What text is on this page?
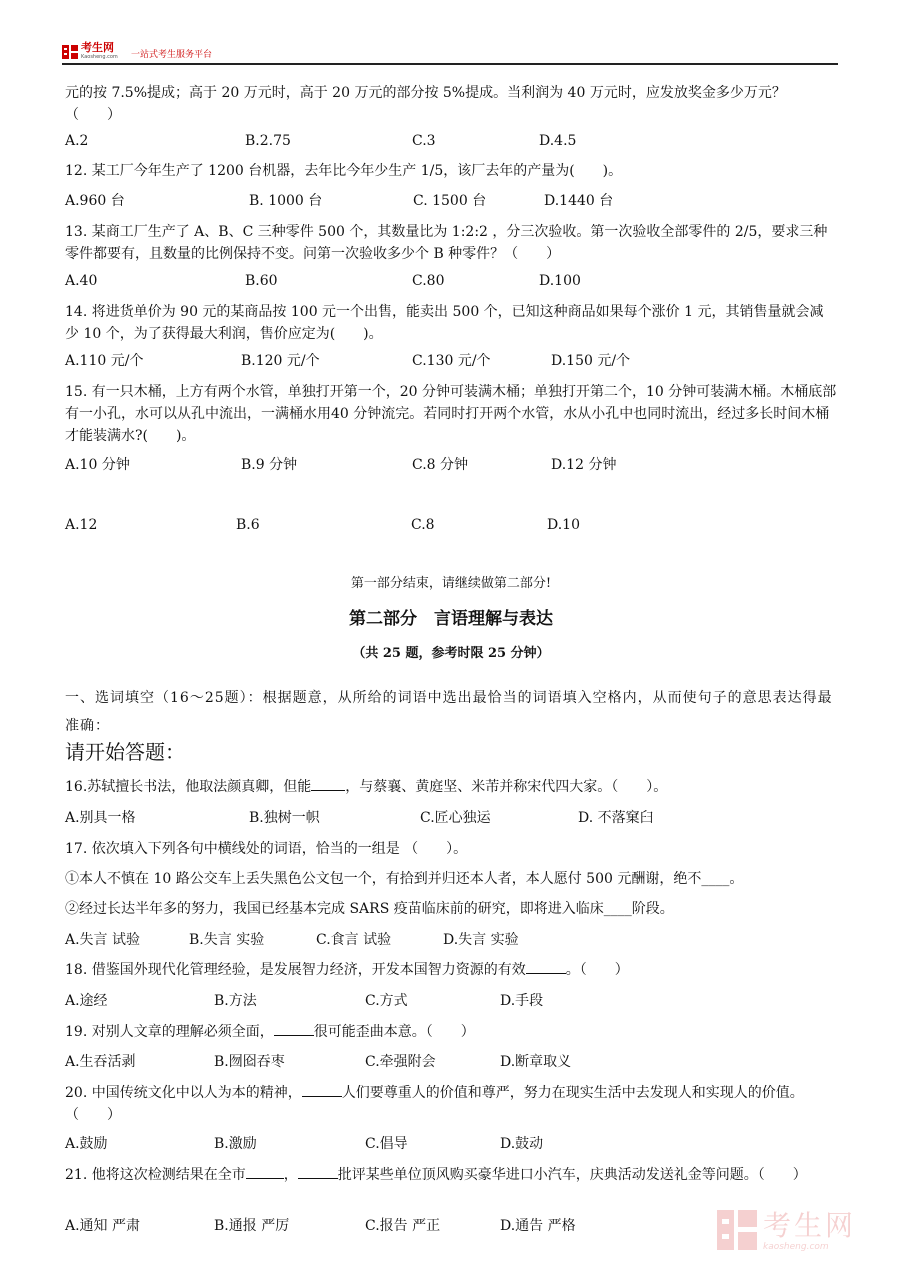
考生网
Kaosheng.com 一站式考生服务平台
元的按 7.5%提成；高于 20 万元时，高于 20 万元的部分按 5%提成。当利润为 40 万元时，应发放奖金多少万元？ （　　）
A.2	B.2.75	C.3	D.4.5
12. 某工厂今年生产了 1200 台机器，去年比今年少生产 1/5，该厂去年的产量为(　　)。
A.960 台	B. 1000 台	C. 1500 台	D.1440 台
13. 某商工厂生产了 A、B、C 三种零件 500 个，其数量比为 1:2:2 ，分三次验收。第一次验收全部零件的 2/5，要求三种零件都要有，且数量的比例保持不变。问第一次验收多少个 B 种零件？（　　）
A.40	B.60	C.80	D.100
14. 将进货单价为 90 元的某商品按 100 元一个出售，能卖出 500 个，已知这种商品如果每个涨价 1 元，其销售量就会减少 10 个，为了获得最大利润，售价应定为(　　)。
A.110 元/个	B.120 元/个	C.130 元/个	D.150 元/个
15. 有一只木桶，上方有两个水管，单独打开第一个，20 分钟可装满木桶；单独打开第二个，10 分钟可装满木桶。木桶底部有一小孔，水可以从孔中流出，一满桶水用40 分钟流完。若同时打开两个水管，水从小孔中也同时流出，经过多长时间木桶才能装满水?(　　)。
A.10 分钟	B.9 分钟	C.8 分钟	D.12 分钟
A.12	B.6	C.8	D.10
第一部分结束，请继续做第二部分!
第二部分　言语理解与表达
（共 25 题，参考时限 25 分钟）
一、选词填空（16～25题）：根据题意，从所给的词语中选出最恰当的词语填入空格内，从而使句子的意思表达得最准确：
请开始答题：
16.苏轼擅长书法，他取法颜真卿，但能 ，与蔡襄、黄庭坚、米芾并称宋代四大家。（　　）。
A.别具一格	B.独树一帜	C.匠心独运	D. 不落窠臼
17. 依次填入下列各句中横线处的词语，恰当的一组是 （　　）。
①本人不慎在 10 路公交车上丢失黑色公文包一个，有拾到并归还本人者，本人愿付 500 元酬谢，绝不____。
②经过长达半年多的努力，我国已经基本完成 SARS 疫苗临床前的研究，即将进入临床____阶段。
A.失言 试验	B.失言 实验	C.食言 试验	D.失言 实验
18. 借鉴国外现代化管理经验，是发展智力经济，开发本国智力资源的有效	。（　　）
A.途经	B.方法	C.方式	D.手段
19. 对别人文章的理解必须全面，	很可能歪曲本意。（　　）
A.生吞活剥	B.囫囵吞枣	C.牵强附会	D.断章取义
20. 中国传统文化中以人为本的精神，	人们要尊重人的价值和尊严，努力在现实生活中去发现人和实现人的价值。（　　）
A.鼓励	B.激励	C.倡导	D.鼓动
21. 他将这次检测结果在全市	，	批评某些单位顶风购买豪华进口小汽车，庆典活动发送礼金等问题。（　　）
A.通知 严肃	B.通报 严厉	C.报告 严正	D.通告 严格	考生网
kaosheng.com
